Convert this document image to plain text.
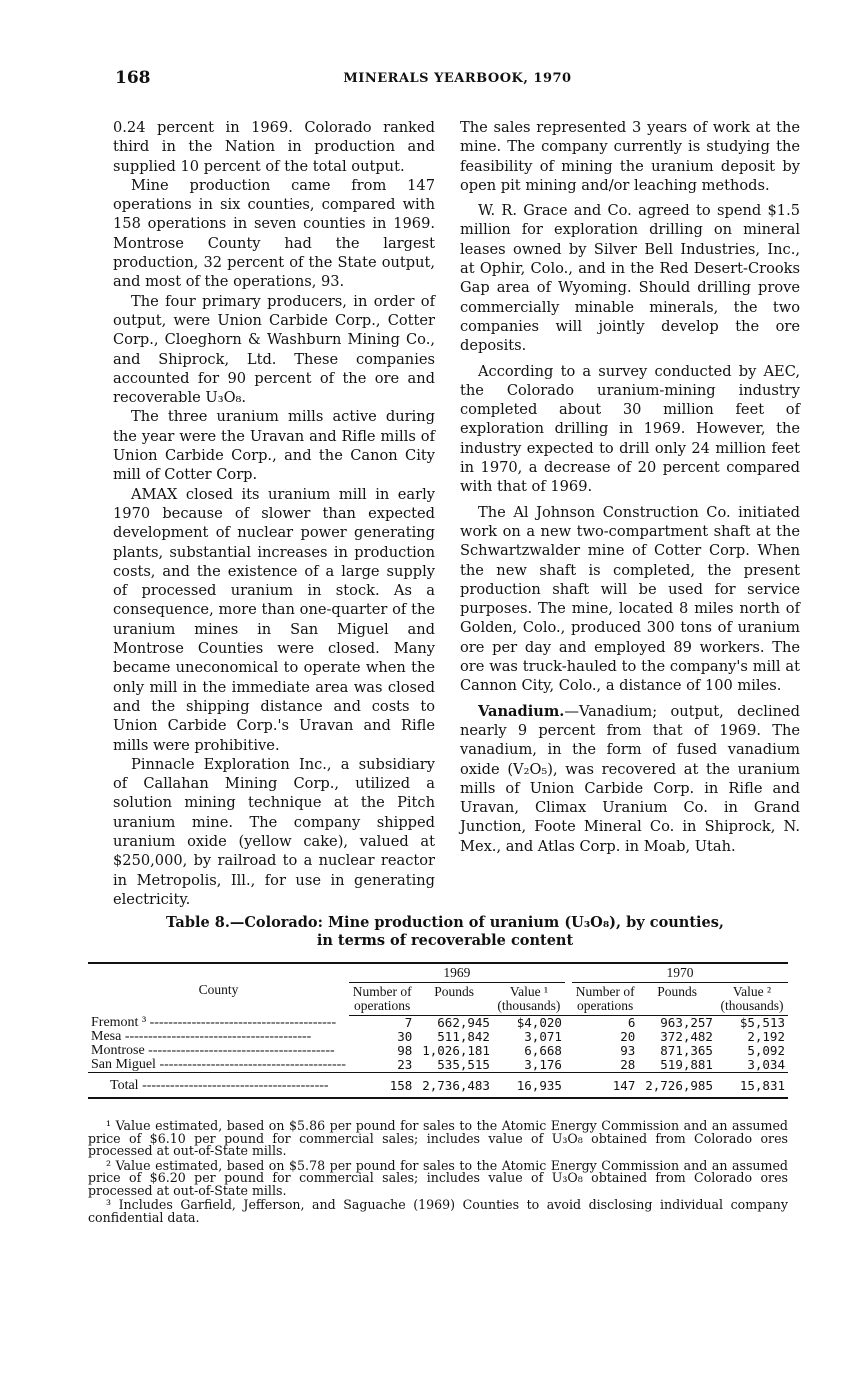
168	MINERALS YEARBOOK, 1970

0.24 percent in 1969. Colorado ranked third in the Nation in production and supplied 10 percent of the total output.

Mine production came from 147 operations in six counties, compared with 158 operations in seven counties in 1969. Montrose County had the largest production, 32 percent of the State output, and most of the operations, 93.

The four primary producers, in order of output, were Union Carbide Corp., Cotter Corp., Cloeghorn & Washburn Mining Co., and Shiprock, Ltd. These companies accounted for 90 percent of the ore and recoverable U₃O₈.

The three uranium mills active during the year were the Uravan and Rifle mills of Union Carbide Corp., and the Canon City mill of Cotter Corp.

AMAX closed its uranium mill in early 1970 because of slower than expected development of nuclear power generating plants, substantial increases in production costs, and the existence of a large supply of processed uranium in stock. As a consequence, more than one-quarter of the uranium mines in San Miguel and Montrose Counties were closed. Many became uneconomical to operate when the only mill in the immediate area was closed and the shipping distance and costs to Union Carbide Corp.'s Uravan and Rifle mills were prohibitive.

Pinnacle Exploration Inc., a subsidiary of Callahan Mining Corp., utilized a solution mining technique at the Pitch uranium mine. The company shipped uranium oxide (yellow cake), valued at $250,000, by railroad to a nuclear reactor in Metropolis, Ill., for use in generating electricity.

The sales represented 3 years of work at the mine. The company currently is studying the feasibility of mining the uranium deposit by open pit mining and/or leaching methods.

W. R. Grace and Co. agreed to spend $1.5 million for exploration drilling on mineral leases owned by Silver Bell Industries, Inc., at Ophir, Colo., and in the Red Desert-Crooks Gap area of Wyoming. Should drilling prove commercially minable minerals, the two companies will jointly develop the ore deposits.

According to a survey conducted by AEC, the Colorado uranium-mining industry completed about 30 million feet of exploration drilling in 1969. However, the industry expected to drill only 24 million feet in 1970, a decrease of 20 percent compared with that of 1969.

The Al Johnson Construction Co. initiated work on a new two-compartment shaft at the Schwartzwalder mine of Cotter Corp. When the new shaft is completed, the present production shaft will be used for service purposes. The mine, located 8 miles north of Golden, Colo., produced 300 tons of uranium ore per day and employed 89 workers. The ore was truck-hauled to the company's mill at Cannon City, Colo., a distance of 100 miles.

Vanadium.—Vanadium; output, declined nearly 9 percent from that of 1969. The vanadium, in the form of fused vanadium oxide (V₂O₅), was recovered at the uranium mills of Union Carbide Corp. in Rifle and Uravan, Climax Uranium Co. in Grand Junction, Foote Mineral Co. in Shiprock, N. Mex., and Atlas Corp. in Moab, Utah.

Table 8.—Colorado: Mine production of uranium (U₃O₈), by counties,
in terms of recoverable content
County	1969				1970		
	Number of operations	Pounds	Value ¹ (thousands)		Number of operations	Pounds	Value ² (thousands)
Fremont ³ ----------------------------------------	7	662,945	$4,020		6	963,257	$5,513
Mesa ----------------------------------------	30	511,842	3,071		20	372,482	2,192
Montrose ----------------------------------------	98	1,026,181	6,668		93	871,365	5,092
San Miguel ----------------------------------------	23	535,515	3,176		28	519,881	3,034
Total ----------------------------------------	158	2,736,483	16,935		147	2,726,985	15,831

¹ Value estimated, based on $5.86 per pound for sales to the Atomic Energy Commission and an assumed price of $6.10 per pound for commercial sales; includes value of U₃O₈ obtained from Colorado ores processed at out-of-State mills.

² Value estimated, based on $5.78 per pound for sales to the Atomic Energy Commission and an assumed price of $6.20 per pound for commercial sales; includes value of U₃O₈ obtained from Colorado ores processed at out-of-State mills.

³ Includes Garfield, Jefferson, and Saguache (1969) Counties to avoid disclosing individual company confidential data.
